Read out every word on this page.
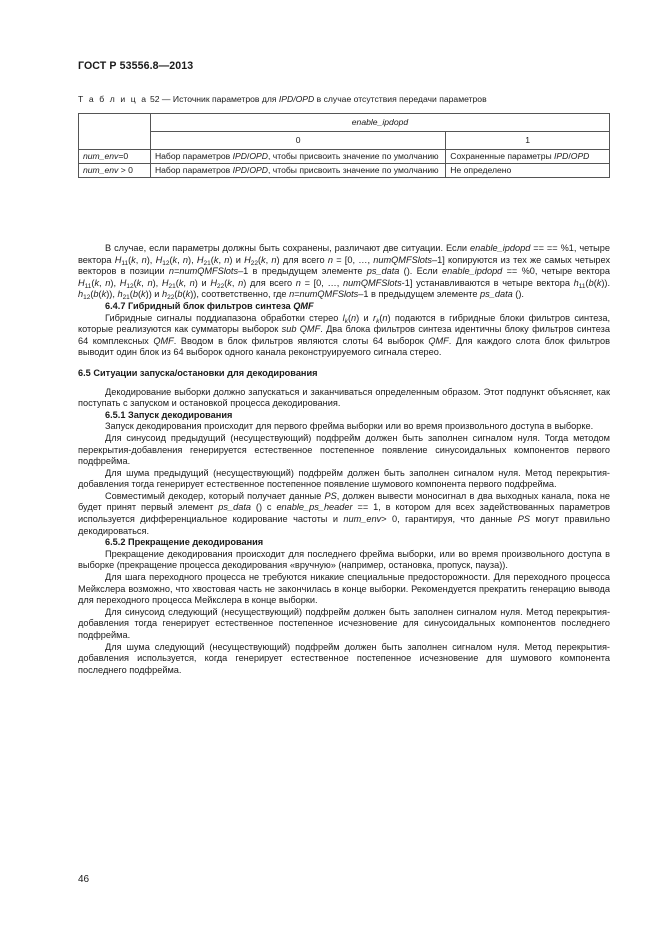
ГОСТ Р 53556.8—2013
Т а б л и ц а 52 — Источник параметров для IPD/OPD в случае отсутствия передачи параметров
	enable_ipdopd	
	0	1
num_env=0	Набор параметров IPD/OPD, чтобы присвоить значение по умолчанию	Сохраненные параметры IPD/OPD
num_env > 0	Набор параметров IPD/OPD, чтобы присвоить значение по умолчанию	Не определено

В случае, если параметры должны быть сохранены, различают две ситуации. Если enable_ipdopd == == %1, четыре вектора $H_{11}(k$, n), $H_{12}(k$, n), $H_{21}(k$, n) и $H_{22}(k$, n) для всего n = [0, …, numQMFSlots–1] копируются из тех же самых четырех векторов в позиции n=numQMFSlots–1 в предыдущем элементе ps_data (). Если enable_ipdopd == %0, четыре вектора $H_{11}(k$, n), $H_{12}(k$, n), $H_{21}(k$, n) и $H_{22}(k$, n) для всего n = [0, …, numQMFSlots-1] устанавливаются в четыре вектора $h_{11}(b(k))$. $h_{12}(b(k))$, $h_{21}(b(k))$ и $h_{22}(b(k))$, соответственно, где n=numQMFSlots–1 в предыдущем элементе ps_data ().

6.4.7 Гибридный блок фильтров синтеза QMF

Гибридные сигналы поддиапазона обработки стерео $l_k(n)$ и $r_k(n)$ подаются в гибридные блоки фильтров синтеза, которые реализуются как сумматоры выборок sub QMF. Два блока фильтров синтеза идентичны блоку фильтров синтеза 64 комплексных QMF. Вводом в блок фильтров являются слоты 64 выборок QMF. Для каждого слота блок фильтров выводит один блок из 64 выборок одного канала реконструируемого сигнала стерео.

6.5 Ситуации запуска/остановки для декодирования

Декодирование выборки должно запускаться и заканчиваться определенным образом. Этот подпункт объясняет, как поступать с запуском и остановкой процесса декодирования.

6.5.1 Запуск декодирования

Запуск декодирования происходит для первого фрейма выборки или во время произвольного доступа в выборке.

Для синусоид предыдущий (несуществующий) подфрейм должен быть заполнен сигналом нуля. Тогда методом перекрытия-добавления генерируется естественное постепенное появление синусоидальных компонентов первого подфрейма.

Для шума предыдущий (несуществующий) подфрейм должен быть заполнен сигналом нуля. Метод перекрытия-добавления тогда генерирует естественное постепенное появление шумового компонента первого подфрейма.

Совместимый декодер, который получает данные PS, должен вывести моносигнал в два выходных канала, пока не будет принят первый элемент ps_data () с enable_ps_header == 1, в котором для всех задействованных параметров используется дифференциальное кодирование частоты и num_env> 0, гарантируя, что данные PS могут правильно декодироваться.

6.5.2 Прекращение декодирования

Прекращение декодирования происходит для последнего фрейма выборки, или во время произвольного доступа в выборке (прекращение процесса декодирования «вручную» (например, остановка, пропуск, пауза)).

Для шага переходного процесса не требуются никакие специальные предосторожности. Для переходного процесса Мейкслера возможно, что хвостовая часть не закончилась в конце выборки. Рекомендуется прекратить генерацию вывода для переходного процесса Мейкслера в конце выборки.

Для синусоид следующий (несуществующий) подфрейм должен быть заполнен сигналом нуля. Метод перекрытия-добавления тогда генерирует естественное постепенное исчезновение для синусоидальных компонентов последнего подфрейма.

Для шума следующий (несуществующий) подфрейм должен быть заполнен сигналом нуля. Метод перекрытия-добавления используется, когда генерирует естественное постепенное исчезновение для шумового компонента последнего подфрейма.

46
